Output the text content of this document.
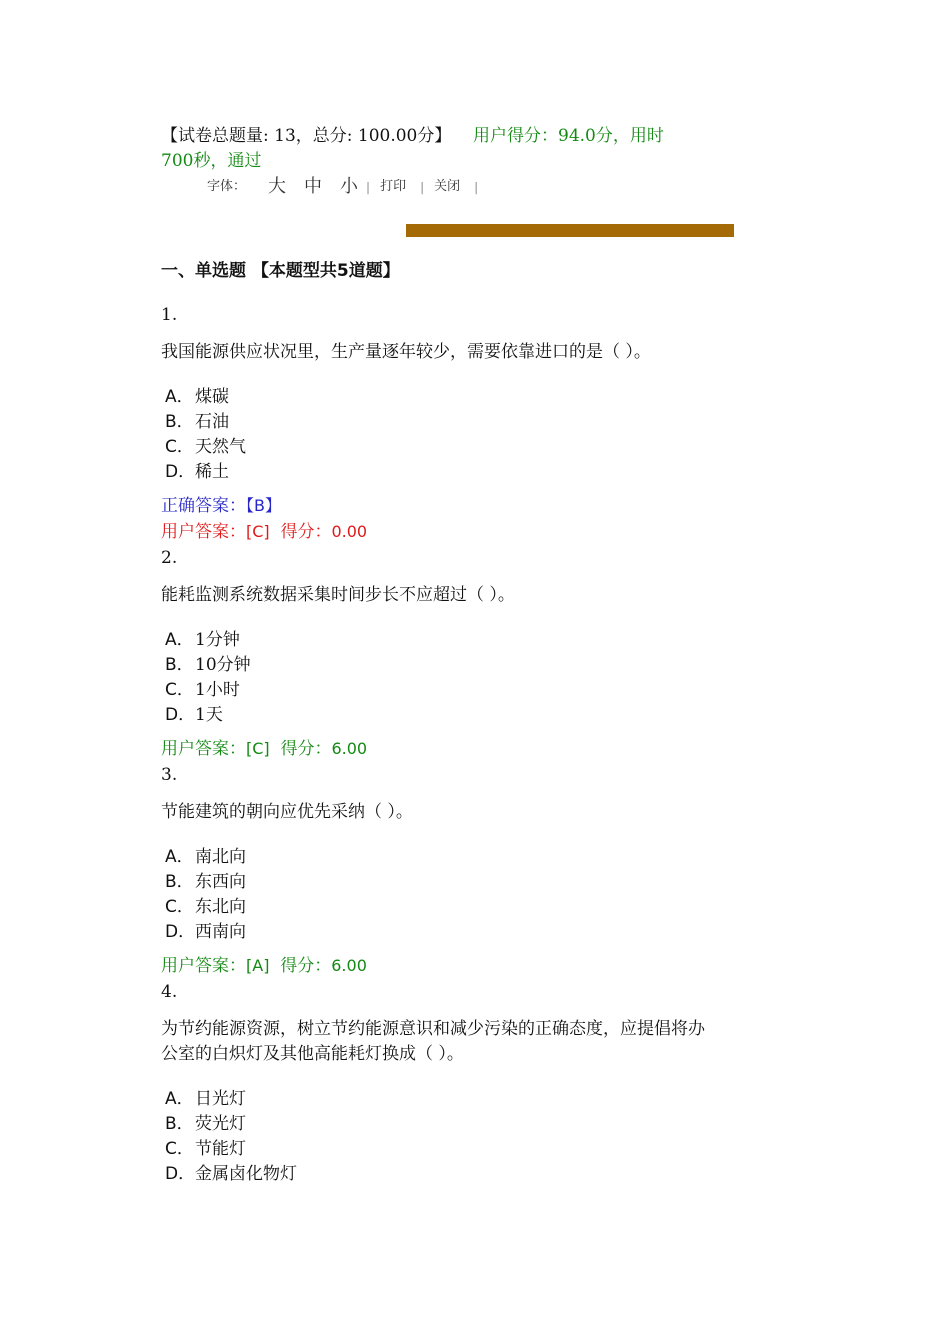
【试卷总题量: 13，总分: 100.00分】 用户得分：94.0分，用时
700秒，通过
字体： 大 中 小 | 打印 | 关闭 |
一、单选题 【本题型共5道题】
1.
我国能源供应状况里，生产量逐年较少，需要依靠进口的是（ ）。
A．煤碳
B．石油
C．天然气
D．稀土
正确答案：【B】
用户答案：[C] 得分：0.00
2.
能耗监测系统数据采集时间步长不应超过（ ）。
A．1分钟
B．10分钟
C．1小时
D．1天
用户答案：[C] 得分：6.00
3.
节能建筑的朝向应优先采纳（ ）。
A．南北向
B．东西向
C．东北向
D．西南向
用户答案：[A] 得分：6.00
4.
为节约能源资源，树立节约能源意识和减少污染的正确态度，应提倡将办公室的白炽灯及其他高能耗灯换成（ ）。
A．日光灯
B．荧光灯
C．节能灯
D．金属卤化物灯
